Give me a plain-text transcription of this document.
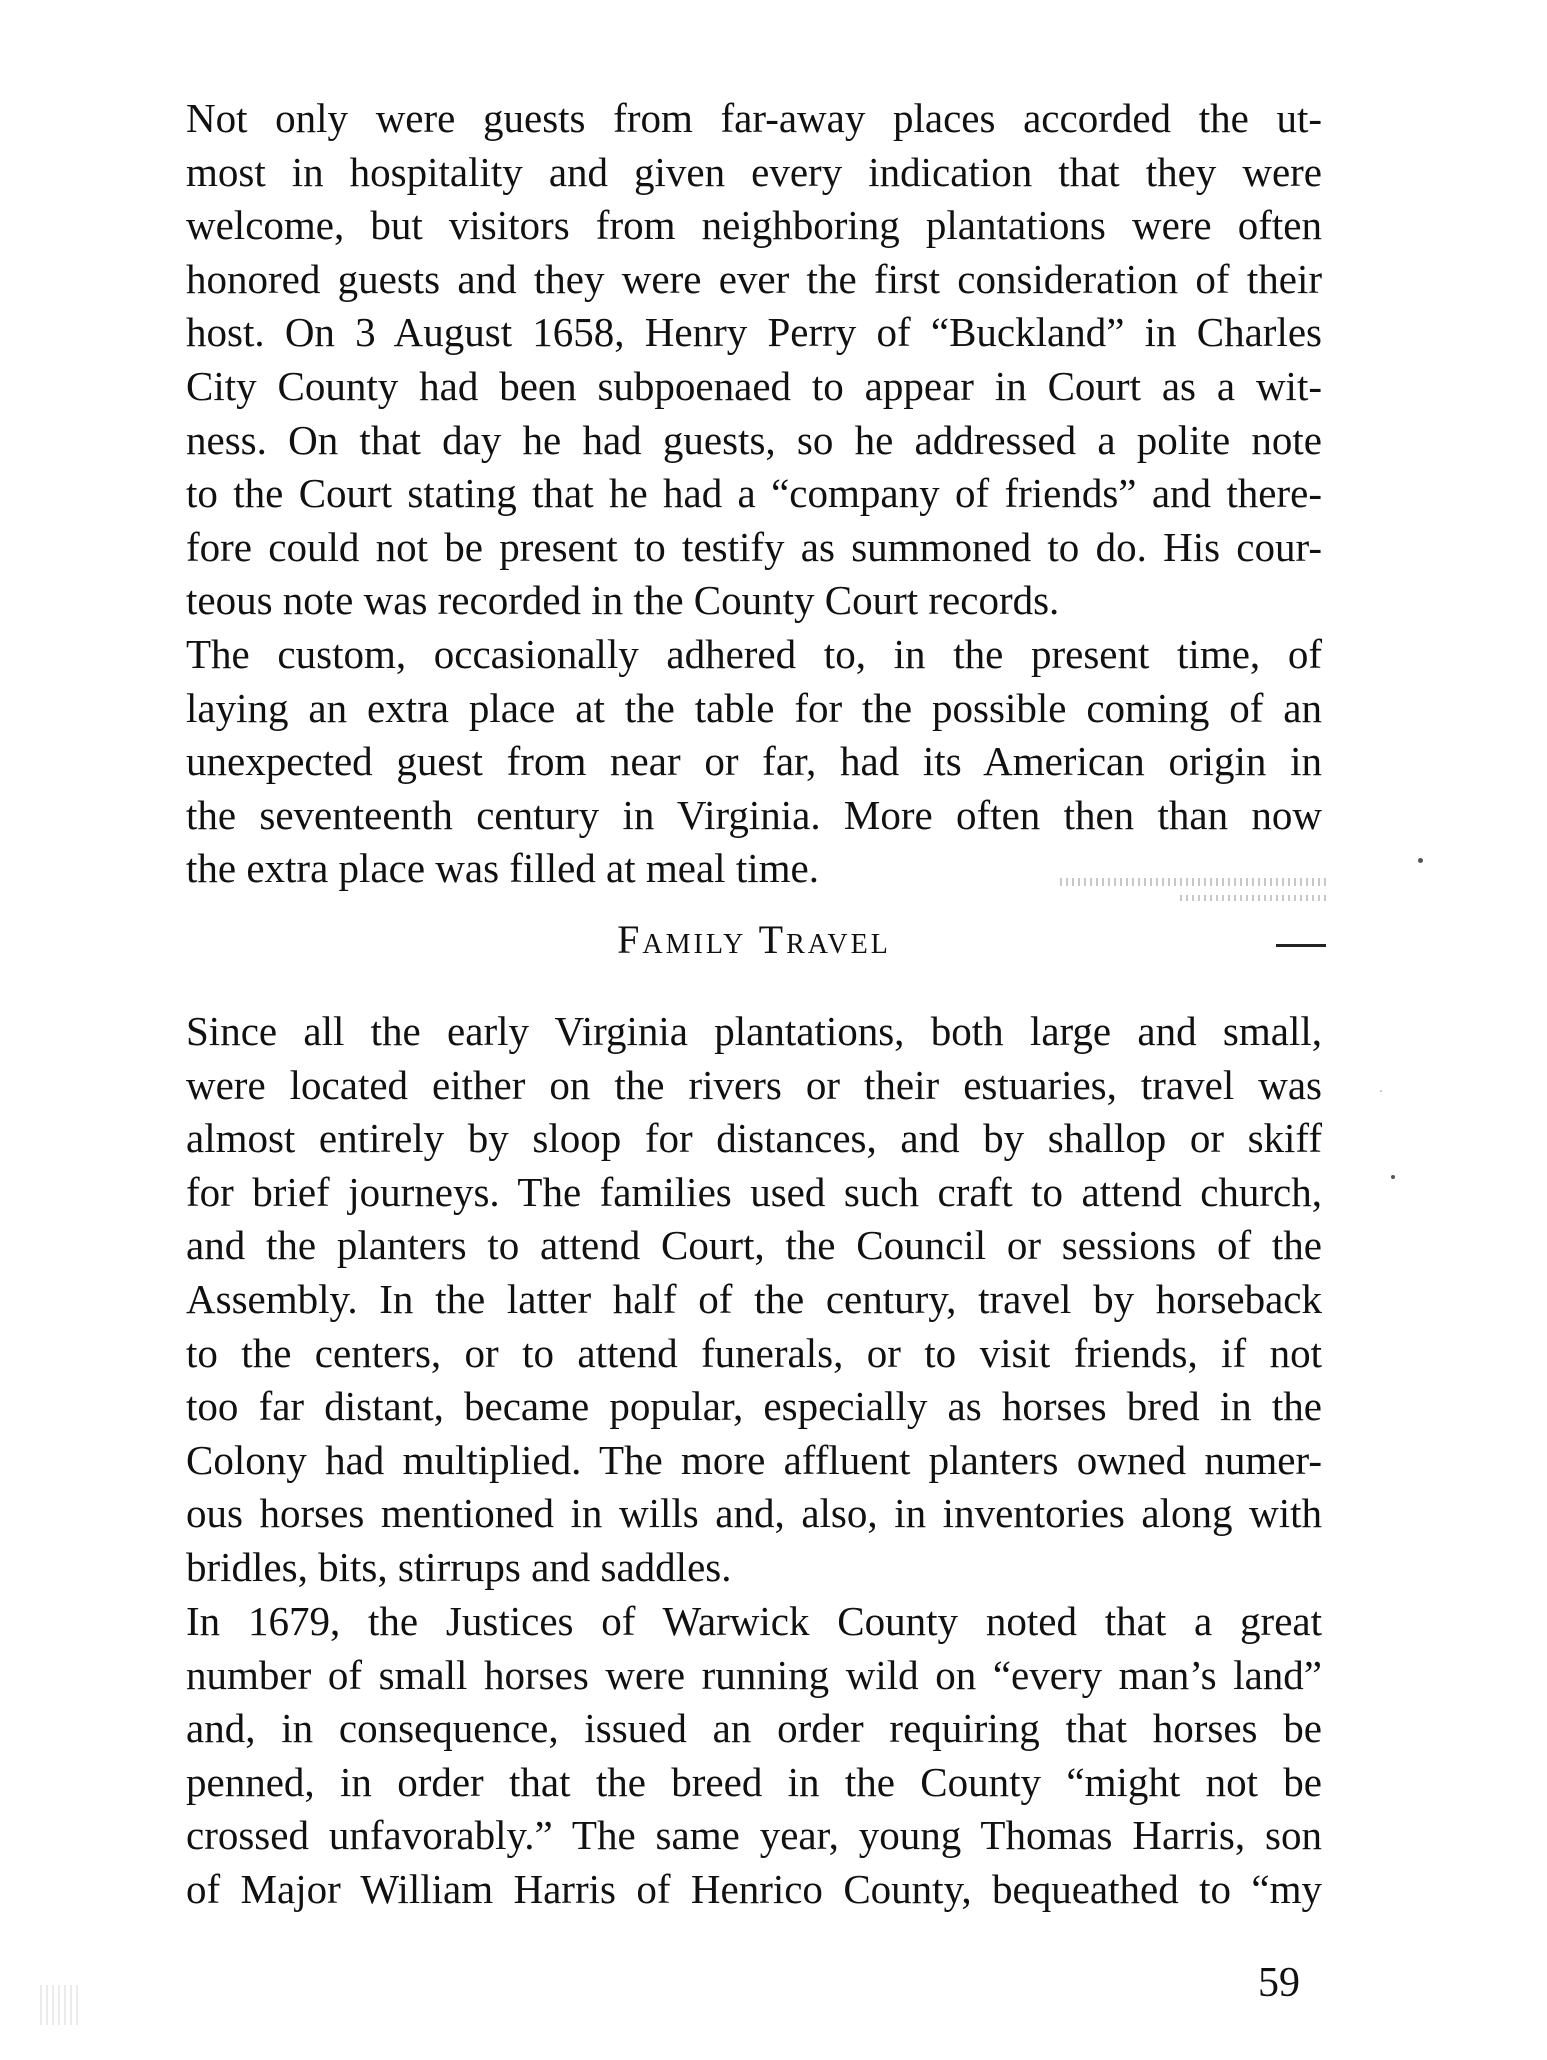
Not only were guests from far-away places accorded the ut-
most in hospitality and given every indication that they were
welcome, but visitors from neighboring plantations were often
honored guests and they were ever the first consideration of their
host. On 3 August 1658, Henry Perry of “Buckland” in Charles
City County had been subpoenaed to appear in Court as a wit-
ness. On that day he had guests, so he addressed a polite note
to the Court stating that he had a “company of friends” and there-
fore could not be present to testify as summoned to do. His cour-
teous note was recorded in the County Court records.
The custom, occasionally adhered to, in the present time, of
laying an extra place at the table for the possible coming of an
unexpected guest from near or far, had its American origin in
the seventeenth century in Virginia. More often then than now
the extra place was filled at meal time.
Family Travel
Since all the early Virginia plantations, both large and small,
were located either on the rivers or their estuaries, travel was
almost entirely by sloop for distances, and by shallop or skiff
for brief journeys. The families used such craft to attend church,
and the planters to attend Court, the Council or sessions of the
Assembly. In the latter half of the century, travel by horseback
to the centers, or to attend funerals, or to visit friends, if not
too far distant, became popular, especially as horses bred in the
Colony had multiplied. The more affluent planters owned numer-
ous horses mentioned in wills and, also, in inventories along with
bridles, bits, stirrups and saddles.
In 1679, the Justices of Warwick County noted that a great
number of small horses were running wild on “every man’s land”
and, in consequence, issued an order requiring that horses be
penned, in order that the breed in the County “might not be
crossed unfavorably.” The same year, young Thomas Harris, son
of Major William Harris of Henrico County, bequeathed to “my
59
